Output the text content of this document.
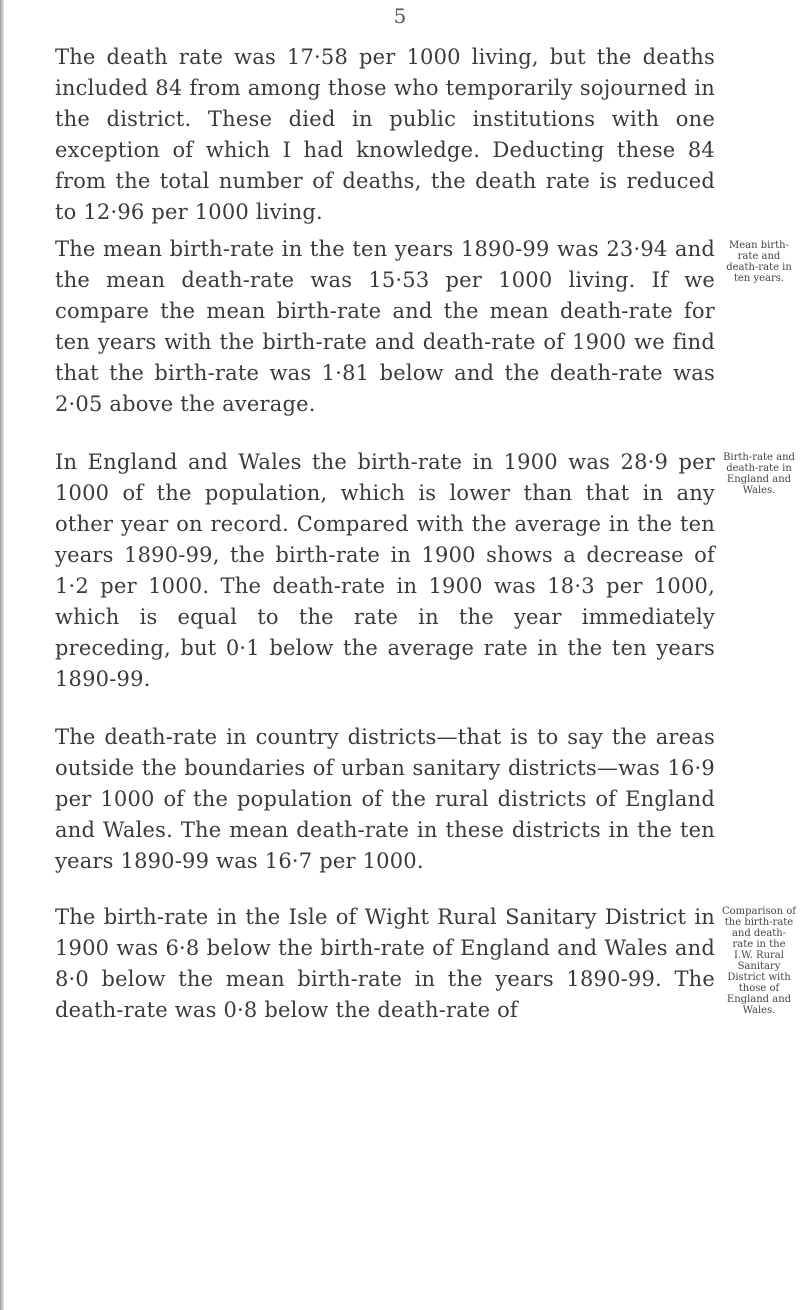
5

The death rate was 17·58 per 1000 living, but the deaths included 84 from among those who temporarily sojourned in the district. These died in public institutions with one exception of which I had knowledge. Deducting these 84 from the total number of deaths, the death rate is reduced to 12·96 per 1000 living.

The mean birth-rate in the ten years 1890-99 was 23·94 and the mean death-rate was 15·53 per 1000 living. If we compare the mean birth-rate and the mean death-rate for ten years with the birth-rate and death-rate of 1900 we find that the birth-rate was 1·81 below and the death-rate was 2·05 above the average.

Mean birth-rate and death-rate in ten years.

In England and Wales the birth-rate in 1900 was 28·9 per 1000 of the population, which is lower than that in any other year on record. Compared with the average in the ten years 1890-99, the birth-rate in 1900 shows a decrease of 1·2 per 1000. The death-rate in 1900 was 18·3 per 1000, which is equal to the rate in the year immediately preceding, but 0·1 below the average rate in the ten years 1890-99.

Birth-rate and death-rate in England and Wales.

The death-rate in country districts—that is to say the areas outside the boundaries of urban sanitary districts—was 16·9 per 1000 of the population of the rural districts of England and Wales. The mean death-rate in these districts in the ten years 1890-99 was 16·7 per 1000.

The birth-rate in the Isle of Wight Rural Sanitary District in 1900 was 6·8 below the birth-rate of England and Wales and 8·0 below the mean birth-rate in the years 1890-99. The death-rate was 0·8 below the death-rate of

Comparison of the birth-rate and death-rate in the I.W. Rural Sanitary District with those of England and Wales.
